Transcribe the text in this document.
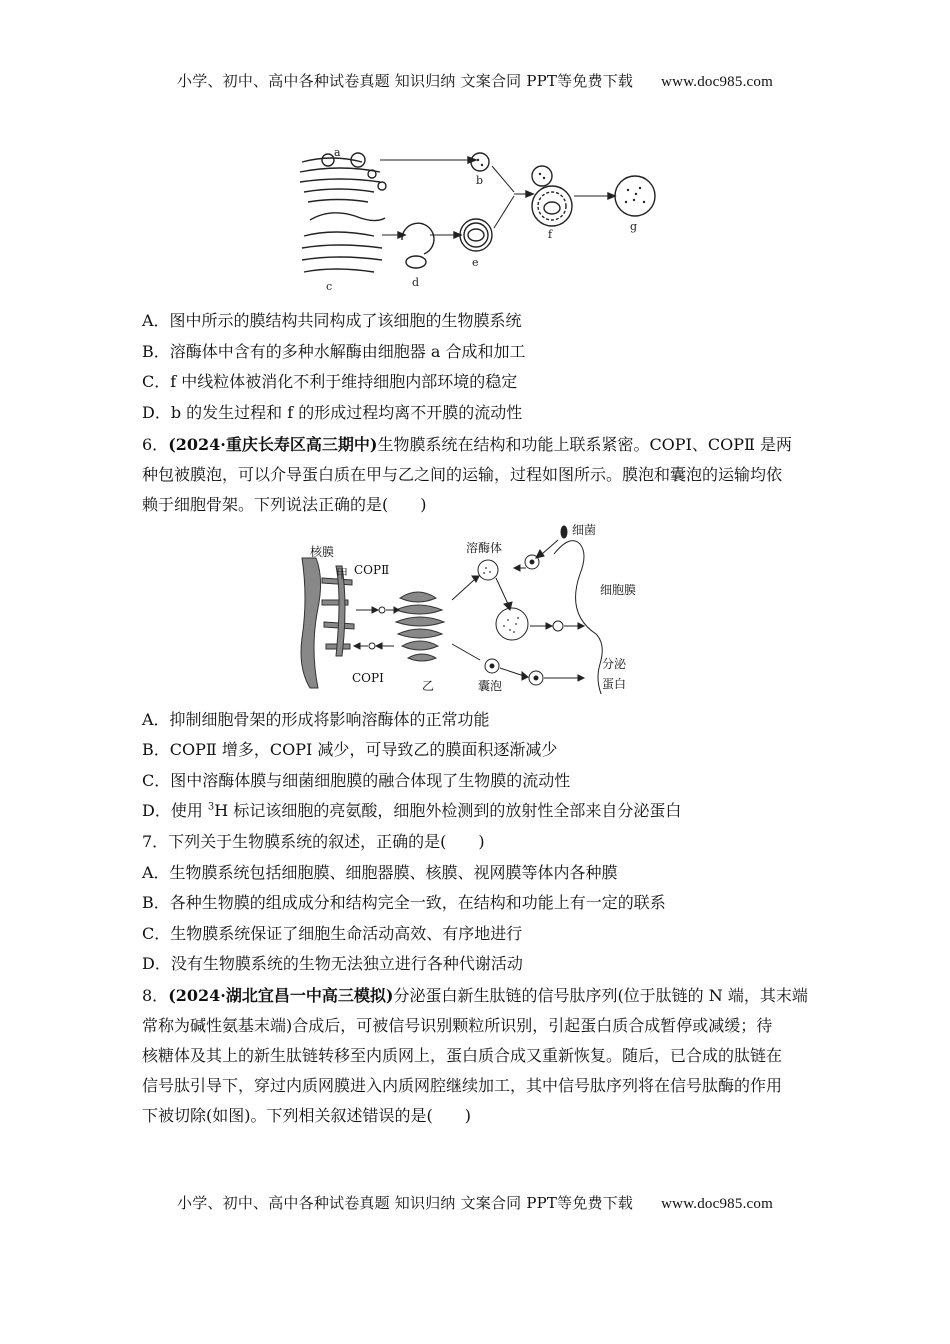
小学、初中、高中各种试卷真题 知识归纳 文案合同 PPT等免费下载 www.doc985.com
a
b
c	d
e
f
g
A．图中所示的膜结构共同构成了该细胞的生物膜系统
B．溶酶体中含有的多种水解酶由细胞器 a 合成和加工
C．f 中线粒体被消化不利于维持细胞内部环境的稳定
D．b 的发生过程和 f 的形成过程均离不开膜的流动性
6．(2024·重庆长寿区高三期中)生物膜系统在结构和功能上联系紧密。COPⅠ、COPⅡ 是两
种包被膜泡，可以介导蛋白质在甲与乙之间的运输，过程如图所示。膜泡和囊泡的运输均依
赖于细胞骨架。下列说法正确的是(　　)
核膜
甲 COPⅡ
COPⅠ
乙
溶酶体
细菌
细胞膜
囊泡
分泌
蛋白
A．抑制细胞骨架的形成将影响溶酶体的正常功能
B．COPⅡ 增多，COPⅠ 减少，可导致乙的膜面积逐渐减少
C．图中溶酶体膜与细菌细胞膜的融合体现了生物膜的流动性
D．使用 $^3$H 标记该细胞的亮氨酸，细胞外检测到的放射性全部来自分泌蛋白
7．下列关于生物膜系统的叙述，正确的是(　　)
A．生物膜系统包括细胞膜、细胞器膜、核膜、视网膜等体内各种膜
B．各种生物膜的组成成分和结构完全一致，在结构和功能上有一定的联系
C．生物膜系统保证了细胞生命活动高效、有序地进行
D．没有生物膜系统的生物无法独立进行各种代谢活动
8．(2024·湖北宜昌一中高三模拟)分泌蛋白新生肽链的信号肽序列(位于肽链的 N 端，其末端
常称为碱性氨基末端)合成后，可被信号识别颗粒所识别，引起蛋白质合成暂停或减缓；待
核糖体及其上的新生肽链转移至内质网上，蛋白质合成又重新恢复。随后，已合成的肽链在
信号肽引导下，穿过内质网膜进入内质网腔继续加工，其中信号肽序列将在信号肽酶的作用
下被切除(如图)。下列相关叙述错误的是(　　)
小学、初中、高中各种试卷真题 知识归纳 文案合同 PPT等免费下载 www.doc985.com
